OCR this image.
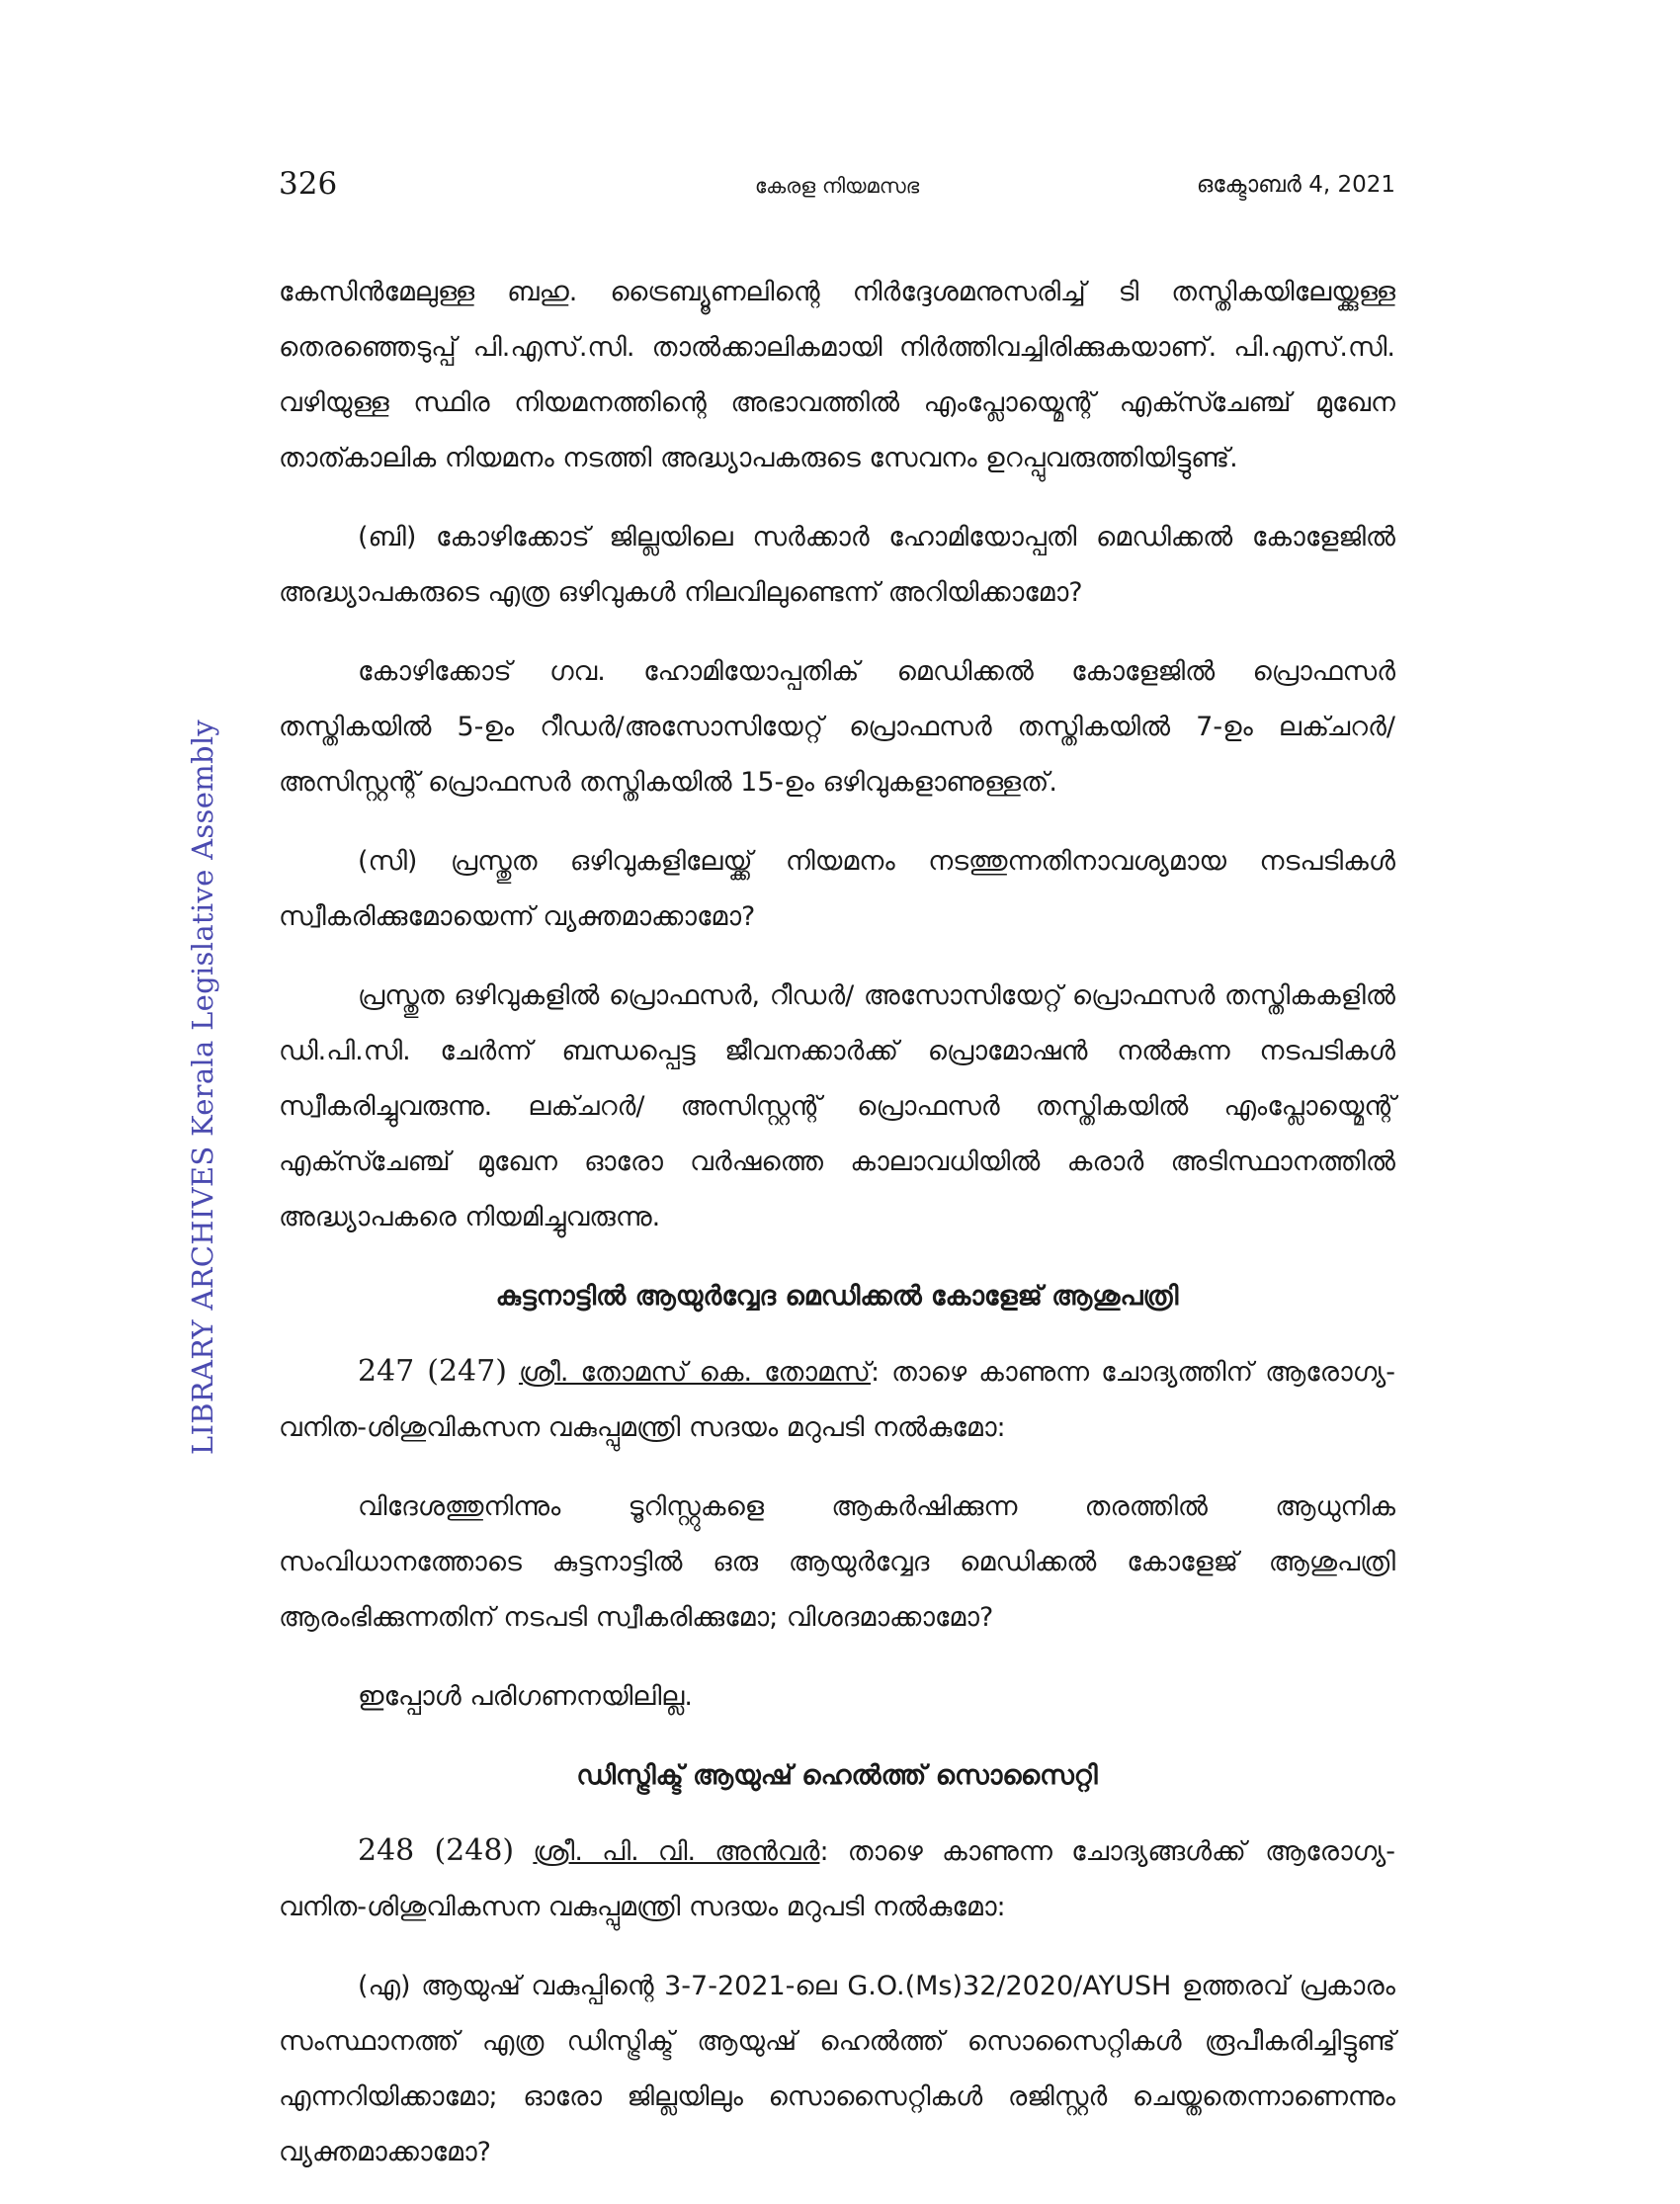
LIBRARY ARCHIVES Kerala Legislative Assembly
326	കേരള നിയമസഭ	ഒക്ടോബർ 4, 2021

കേസിൻമേലുള്ള ബഹു. ട്രൈബ്യൂണലിന്റെ നിർദ്ദേശമനുസരിച്ച് ടി തസ്തികയിലേയ്ക്കുള്ള തെരഞ്ഞെടുപ്പ് പി.എസ്.സി. താൽക്കാലികമായി നിർത്തിവച്ചിരിക്കുകയാണ്. പി.എസ്.സി. വഴിയുള്ള സ്ഥിര നിയമനത്തിന്റെ അഭാവത്തിൽ എംപ്ലോയ്മെന്റ് എക്സ്ചേഞ്ച് മുഖേന താത്കാലിക നിയമനം നടത്തി അദ്ധ്യാപകരുടെ സേവനം ഉറപ്പുവരുത്തിയിട്ടുണ്ട്.

(ബി) കോഴിക്കോട് ജില്ലയിലെ സർക്കാർ ഹോമിയോപ്പതി മെഡിക്കൽ കോളേജിൽ അദ്ധ്യാപകരുടെ എത്ര ഒഴിവുകൾ നിലവിലുണ്ടെന്ന് അറിയിക്കാമോ?

കോഴിക്കോട് ഗവ. ഹോമിയോപ്പതിക് മെഡിക്കൽ കോളേജിൽ പ്രൊഫസർ തസ്തികയിൽ 5-ഉം റീഡർ/അസോസിയേറ്റ് പ്രൊഫസർ തസ്തികയിൽ 7-ഉം ലക്ചറർ/അസിസ്റ്റന്റ് പ്രൊഫസർ തസ്തികയിൽ 15-ഉം ഒഴിവുകളാണുള്ളത്.

(സി) പ്രസ്തുത ഒഴിവുകളിലേയ്ക്ക് നിയമനം നടത്തുന്നതിനാവശ്യമായ നടപടികൾ സ്വീകരിക്കുമോയെന്ന് വ്യക്തമാക്കാമോ?

പ്രസ്തുത ഒഴിവുകളിൽ പ്രൊഫസർ, റീഡർ/ അസോസിയേറ്റ് പ്രൊഫസർ തസ്തികകളിൽ ഡി.പി.സി. ചേർന്ന് ബന്ധപ്പെട്ട ജീവനക്കാർക്ക് പ്രൊമോഷൻ നൽകുന്ന നടപടികൾ സ്വീകരിച്ചുവരുന്നു. ലക്ചറർ/ അസിസ്റ്റന്റ് പ്രൊഫസർ തസ്തികയിൽ എംപ്ലോയ്മെന്റ് എക്സ്ചേഞ്ച് മുഖേന ഓരോ വർഷത്തെ കാലാവധിയിൽ കരാർ അടിസ്ഥാനത്തിൽ അദ്ധ്യാപകരെ നിയമിച്ചുവരുന്നു.

കുട്ടനാട്ടിൽ ആയുർവ്വേദ മെഡിക്കൽ കോളേജ് ആശുപത്രി

247 (247) ശ്രീ. തോമസ് കെ. തോമസ്: താഴെ കാണുന്ന ചോദ്യത്തിന് ആരോഗ്യ- വനിത-ശിശുവികസന വകുപ്പുമന്ത്രി സദയം മറുപടി നൽകുമോ:

വിദേശത്തുനിന്നും ടൂറിസ്റ്റുകളെ ആകർഷിക്കുന്ന തരത്തിൽ ആധുനിക സംവിധാനത്തോടെ കുട്ടനാട്ടിൽ ഒരു ആയുർവ്വേദ മെഡിക്കൽ കോളേജ് ആശുപത്രി ആരംഭിക്കുന്നതിന് നടപടി സ്വീകരിക്കുമോ; വിശദമാക്കാമോ?

ഇപ്പോൾ പരിഗണനയിലില്ല.

ഡിസ്ട്രിക്ട് ആയുഷ് ഹെൽത്ത് സൊസൈറ്റി

248 (248) ശ്രീ. പി. വി. അൻവർ: താഴെ കാണുന്ന ചോദ്യങ്ങൾക്ക് ആരോഗ്യ- വനിത-ശിശുവികസന വകുപ്പുമന്ത്രി സദയം മറുപടി നൽകുമോ:

(എ) ആയുഷ് വകുപ്പിന്റെ 3-7-2021-ലെ G.O.(Ms)32/2020/AYUSH ഉത്തരവ് പ്രകാരം സംസ്ഥാനത്ത് എത്ര ഡിസ്ട്രിക്ട് ആയുഷ് ഹെൽത്ത് സൊസൈറ്റികൾ രൂപീകരിച്ചിട്ടുണ്ട് എന്നറിയിക്കാമോ; ഓരോ ജില്ലയിലും സൊസൈറ്റികൾ രജിസ്റ്റർ ചെയ്തതെന്നാണെന്നും വ്യക്തമാക്കാമോ?
